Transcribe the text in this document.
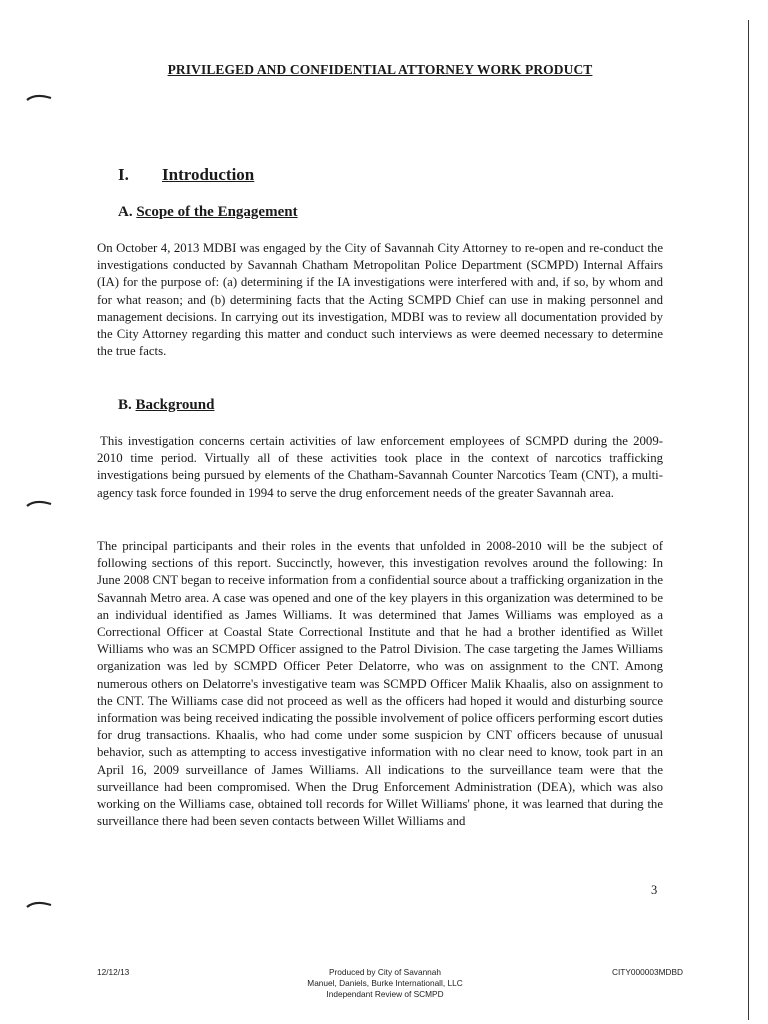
PRIVILEGED AND CONFIDENTIAL ATTORNEY WORK PRODUCT
I. Introduction
A. Scope of the Engagement

On October 4, 2013 MDBI was engaged by the City of Savannah City Attorney to re-open and re-conduct the investigations conducted by Savannah Chatham Metropolitan Police Department (SCMPD) Internal Affairs (IA) for the purpose of: (a) determining if the IA investigations were interfered with and, if so, by whom and for what reason; and (b) determining facts that the Acting SCMPD Chief can use in making personnel and management decisions. In carrying out its investigation, MDBI was to review all documentation provided by the City Attorney regarding this matter and conduct such interviews as were deemed necessary to determine the true facts.

B. Background

This investigation concerns certain activities of law enforcement employees of SCMPD during the 2009-2010 time period. Virtually all of these activities took place in the context of narcotics trafficking investigations being pursued by elements of the Chatham-Savannah Counter Narcotics Team (CNT), a multi-agency task force founded in 1994 to serve the drug enforcement needs of the greater Savannah area.

The principal participants and their roles in the events that unfolded in 2008-2010 will be the subject of following sections of this report. Succinctly, however, this investigation revolves around the following: In June 2008 CNT began to receive information from a confidential source about a trafficking organization in the Savannah Metro area. A case was opened and one of the key players in this organization was determined to be an individual identified as James Williams. It was determined that James Williams was employed as a Correctional Officer at Coastal State Correctional Institute and that he had a brother identified as Willet Williams who was an SCMPD Officer assigned to the Patrol Division. The case targeting the James Williams organization was led by SCMPD Officer Peter Delatorre, who was on assignment to the CNT. Among numerous others on Delatorre's investigative team was SCMPD Officer Malik Khaalis, also on assignment to the CNT. The Williams case did not proceed as well as the officers had hoped it would and disturbing source information was being received indicating the possible involvement of police officers performing escort duties for drug transactions. Khaalis, who had come under some suspicion by CNT officers because of unusual behavior, such as attempting to access investigative information with no clear need to know, took part in an April 16, 2009 surveillance of James Williams. All indications to the surveillance team were that the surveillance had been compromised. When the Drug Enforcement Administration (DEA), which was also working on the Williams case, obtained toll records for Willet Williams' phone, it was learned that during the surveillance there had been seven contacts between Willet Williams and

3
12/12/13	Produced by City of Savannah
Manuel, Daniels, Burke Internationall, LLC
Independant Review of SCMPD
CITY000003MDBD
